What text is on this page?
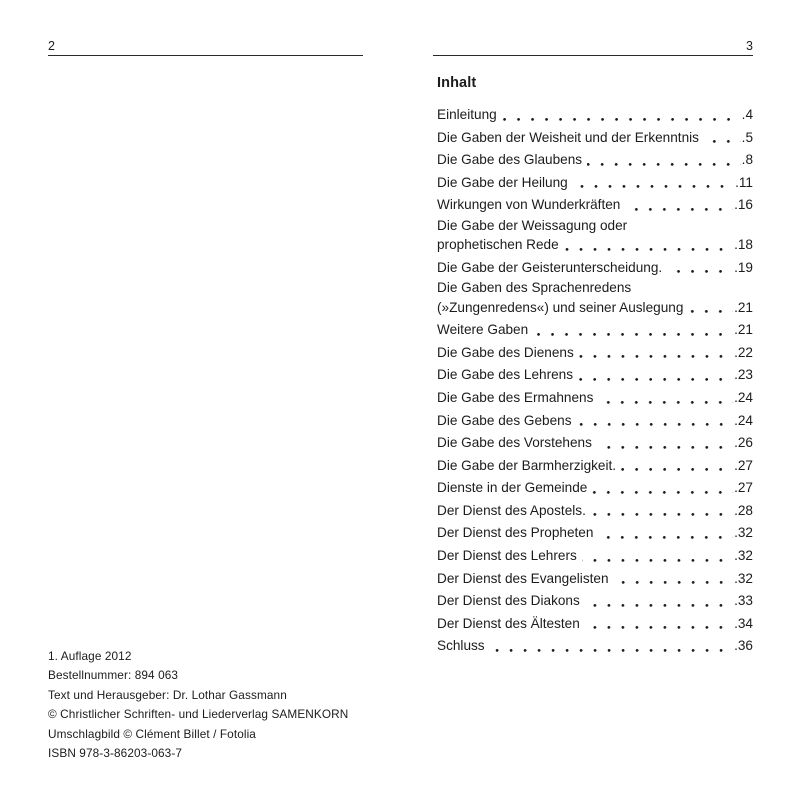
2
1. Auflage 2012
Bestellnummer: 894 063
Text und Herausgeber: Dr. Lothar Gassmann
© Christlicher Schriften- und Liederverlag SAMENKORN
Umschlagbild © Clément Billet / Fotolia
ISBN 978-3-86203-063-7
3
Inhalt
Einleitung	. 4
Die Gaben der Weisheit und der Erkenntnis	. 5
Die Gabe des Glaubens	. 8
Die Gabe der Heilung	. 11
Wirkungen von Wunderkräften	. 16
Die Gabe der Weissagung oder
prophetischen Rede	. 18
Die Gabe der Geisterunterscheidung.	. 19
Die Gaben des Sprachenredens
(»Zungenredens«) und seiner Auslegung	. 21
Weitere Gaben	. 21
Die Gabe des Dienens	. 22
Die Gabe des Lehrens	. 23
Die Gabe des Ermahnens	. 24
Die Gabe des Gebens	. 24
Die Gabe des Vorstehens	. 26
Die Gabe der Barmherzigkeit.	. 27
Dienste in der Gemeinde	. 27
Der Dienst des Apostels.	. 28
Der Dienst des Propheten	. 32
Der Dienst des Lehrers	. 32
Der Dienst des Evangelisten	. 32
Der Dienst des Diakons	. 33
Der Dienst des Ältesten	. 34
Schluss	. 36
